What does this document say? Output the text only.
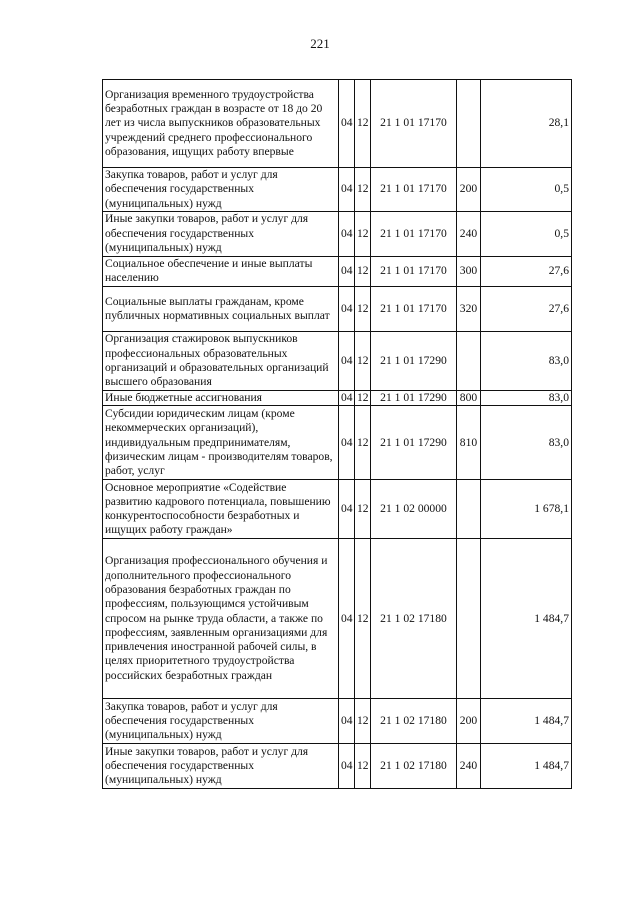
221
Организация временного трудоустройства безработных граждан в возрасте от 18 до 20 лет из числа выпускников образовательных учреждений среднего профессионального образования, ищущих работу впервые	04	12	21 1 01 17170		28,1
Закупка товаров, работ и услуг для обеспечения государственных (муниципальных) нужд	04	12	21 1 01 17170	200	0,5
Иные закупки товаров, работ и услуг для обеспечения государственных (муниципальных) нужд	04	12	21 1 01 17170	240	0,5
Социальное обеспечение и иные выплаты населению	04	12	21 1 01 17170	300	27,6
Социальные выплаты гражданам, кроме публичных нормативных социальных выплат	04	12	21 1 01 17170	320	27,6
Организация стажировок выпускников профессиональных образовательных организаций и образовательных организаций высшего образования	04	12	21 1 01 17290		83,0
Иные бюджетные ассигнования	04	12	21 1 01 17290	800	83,0
Субсидии юридическим лицам (кроме некоммерческих организаций), индивидуальным предпринимателям, физическим лицам - производителям товаров, работ, услуг	04	12	21 1 01 17290	810	83,0
Основное мероприятие «Содействие развитию кадрового потенциала, повышению конкурентоспособности безработных и ищущих работу граждан»	04	12	21 1 02 00000		1 678,1
Организация профессионального обучения и дополнительного профессионального образования безработных граждан по профессиям, пользующимся устойчивым спросом на рынке труда области, а также по профессиям, заявленным организациями для привлечения иностранной рабочей силы, в целях приоритетного трудоустройства российских безработных граждан	04	12	21 1 02 17180		1 484,7
Закупка товаров, работ и услуг для обеспечения государственных (муниципальных) нужд	04	12	21 1 02 17180	200	1 484,7
Иные закупки товаров, работ и услуг для обеспечения государственных (муниципальных) нужд	04	12	21 1 02 17180	240	1 484,7
